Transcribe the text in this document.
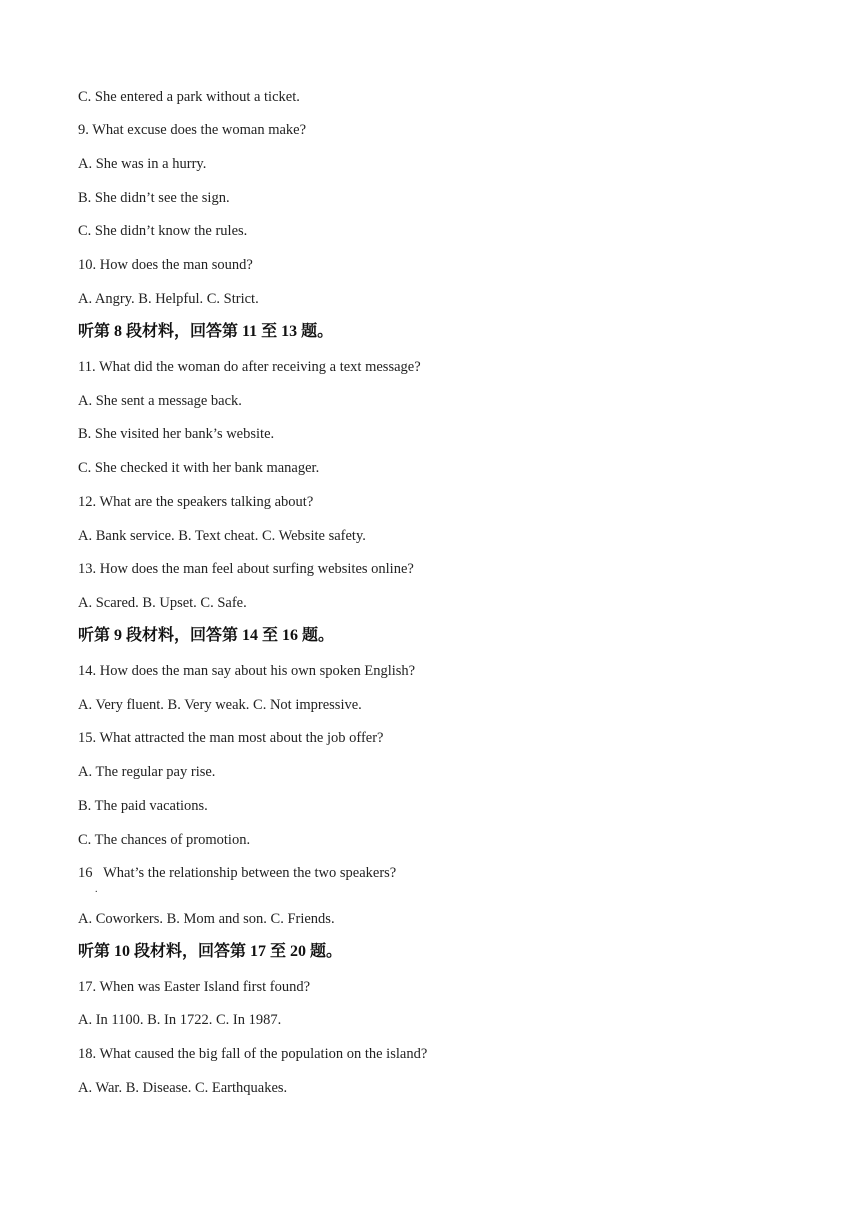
C. She entered a park without a ticket.

9. What excuse does the woman make?

A. She was in a hurry.

B. She didn’t see the sign.

C. She didn’t know the rules.

10. How does the man sound?

A. Angry. B. Helpful. C. Strict.

听第 8 段材料，回答第 11 至 13 题。

11. What did the woman do after receiving a text message?

A. She sent a message back.

B. She visited her bank’s website.

C. She checked it with her bank manager.

12. What are the speakers talking about?

A. Bank service. B. Text cheat. C. Website safety.

13. How does the man feel about surfing websites online?

A. Scared. B. Upset. C. Safe.

听第 9 段材料，回答第 14 至 16 题。

14. How does the man say about his own spoken English?

A. Very fluent. B. Very weak. C. Not impressive.

15. What attracted the man most about the job offer?

A. The regular pay rise.

B. The paid vacations.

C. The chances of promotion.

16   What’s the relationship between the two speakers?

.

A. Coworkers. B. Mom and son. C. Friends.

听第 10 段材料，回答第 17 至 20 题。

17. When was Easter Island first found?

A. In 1100. B. In 1722. C. In 1987.

18. What caused the big fall of the population on the island?

A. War. B. Disease. C. Earthquakes.
